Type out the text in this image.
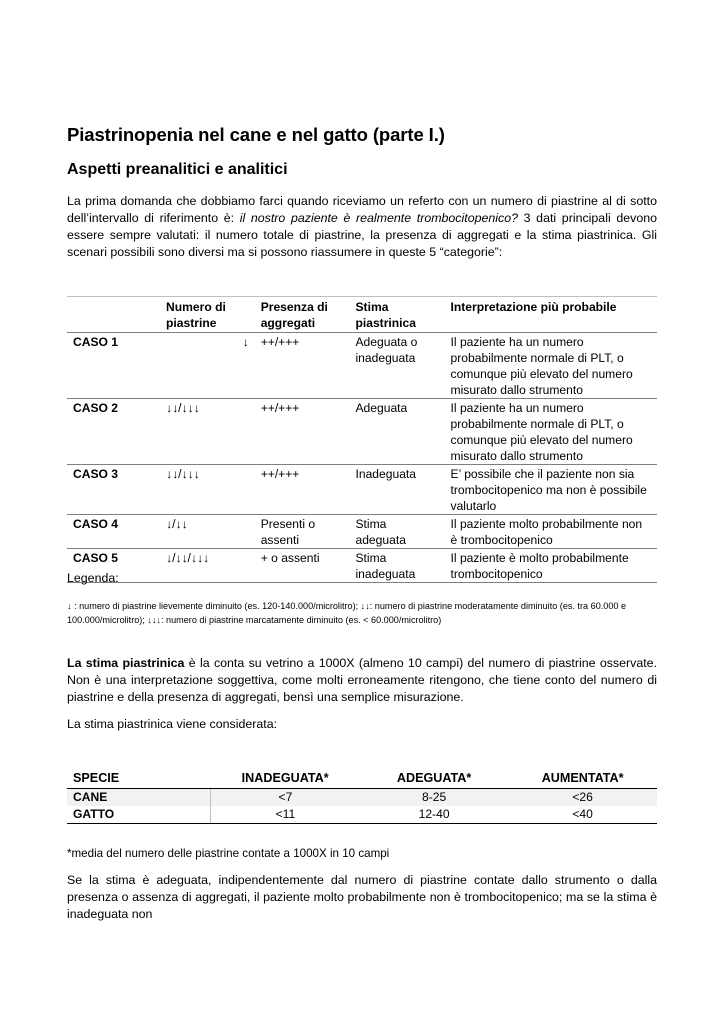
Piastrinopenia nel cane e nel gatto (parte I.)
Aspetti preanalitici e analitici

La prima domanda che dobbiamo farci quando riceviamo un referto con un numero di piastrine al di sotto dell’intervallo di riferimento è: il nostro paziente è realmente trombocitopenico? 3 dati principali devono essere sempre valutati: il numero totale di piastrine, la presenza di aggregati e la stima piastrinica. Gli scenari possibili sono diversi ma si possono riassumere in queste 5 “categorie”:

	Numero di piastrine	Presenza di aggregati	Stima piastrinica	Interpretazione più probabile
CASO 1	↓	++/+++	Adeguata o inadeguata	Il paziente ha un numero probabilmente normale di PLT, o comunque più elevato del numero misurato dallo strumento
CASO 2	↓↓/↓↓↓	++/+++	Adeguata	Il paziente ha un numero probabilmente normale di PLT, o comunque più elevato del numero misurato dallo strumento
CASO 3	↓↓/↓↓↓	++/+++	Inadeguata	E’ possibile che il paziente non sia trombocitopenico ma non è possibile valutarlo
CASO 4	↓/↓↓	Presenti o assenti	Stima adeguata	Il paziente molto probabilmente non è trombocitopenico
CASO 5	↓/↓↓/↓↓↓	+ o assenti	Stima inadeguata	Il paziente è molto probabilmente trombocitopenico
Legenda:
↓ : numero di piastrine lievemente diminuito (es. 120-140.000/microlitro); ↓↓: numero di piastrine moderatamente diminuito (es. tra 60.000 e 100.000/microlitro); ↓↓↓: numero di piastrine marcatamente diminuito (es. < 60.000/microlitro)

La stima piastrinica è la conta su vetrino a 1000X (almeno 10 campi) del numero di piastrine osservate. Non è una interpretazione soggettiva, come molti erroneamente ritengono, che tiene conto del numero di piastrine e della presenza di aggregati, bensì una semplice misurazione.

La stima piastrinica viene considerata:

SPECIE	INADEGUATA*	ADEGUATA*	AUMENTATA*
CANE	<7	8-25	<26
GATTO	<11	12-40	<40
*media del numero delle piastrine contate a 1000X in 10 campi

Se la stima è adeguata, indipendentemente dal numero di piastrine contate dallo strumento o dalla presenza o assenza di aggregati, il paziente molto probabilmente non è trombocitopenico; ma se la stima è inadeguata non
